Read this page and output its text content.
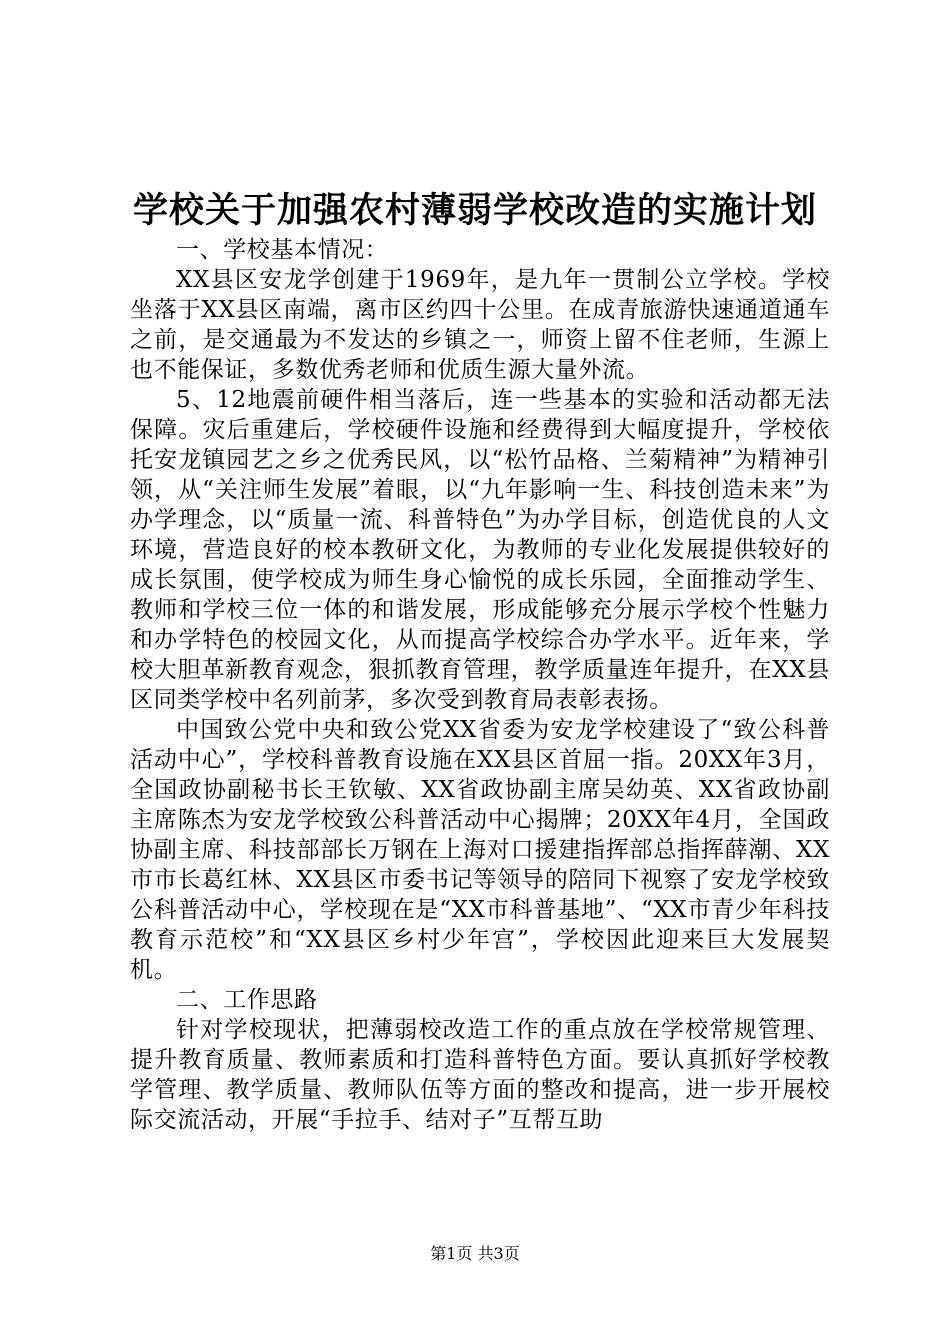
学校关于加强农村薄弱学校改造的实施计划

一、学校基本情况：

XX县区安龙学创建于1969年，是九年一贯制公立学校。学校坐落于XX县区南端，离市区约四十公里。在成青旅游快速通道通车之前，是交通最为不发达的乡镇之一，师资上留不住老师，生源上也不能保证，多数优秀老师和优质生源大量外流。

5、12地震前硬件相当落后，连一些基本的实验和活动都无法保障。灾后重建后，学校硬件设施和经费得到大幅度提升，学校依托安龙镇园艺之乡之优秀民风，以“松竹品格、兰菊精神”为精神引领，从“关注师生发展”着眼，以“九年影响一生、科技创造未来”为办学理念，以“质量一流、科普特色”为办学目标，创造优良的人文环境，营造良好的校本教研文化，为教师的专业化发展提供较好的成长氛围，使学校成为师生身心愉悦的成长乐园，全面推动学生、教师和学校三位一体的和谐发展，形成能够充分展示学校个性魅力和办学特色的校园文化，从而提高学校综合办学水平。近年来，学校大胆革新教育观念，狠抓教育管理，教学质量连年提升，在XX县区同类学校中名列前茅，多次受到教育局表彰表扬。

中国致公党中央和致公党XX省委为安龙学校建设了“致公科普活动中心”，学校科普教育设施在XX县区首屈一指。20XX年3月，全国政协副秘书长王钦敏、XX省政协副主席吴幼英、XX省政协副主席陈杰为安龙学校致公科普活动中心揭牌；20XX年4月，全国政协副主席、科技部部长万钢在上海对口援建指挥部总指挥薛潮、XX市市长葛红林、XX县区市委书记等领导的陪同下视察了安龙学校致公科普活动中心，学校现在是“XX市科普基地”、“XX市青少年科技教育示范校”和“XX县区乡村少年宫”，学校因此迎来巨大发展契机。

二、工作思路

针对学校现状，把薄弱校改造工作的重点放在学校常规管理、提升教育质量、教师素质和打造科普特色方面。要认真抓好学校教学管理、教学质量、教师队伍等方面的整改和提高，进一步开展校际交流活动，开展“手拉手、结对子”互帮互助

第1页 共3页
